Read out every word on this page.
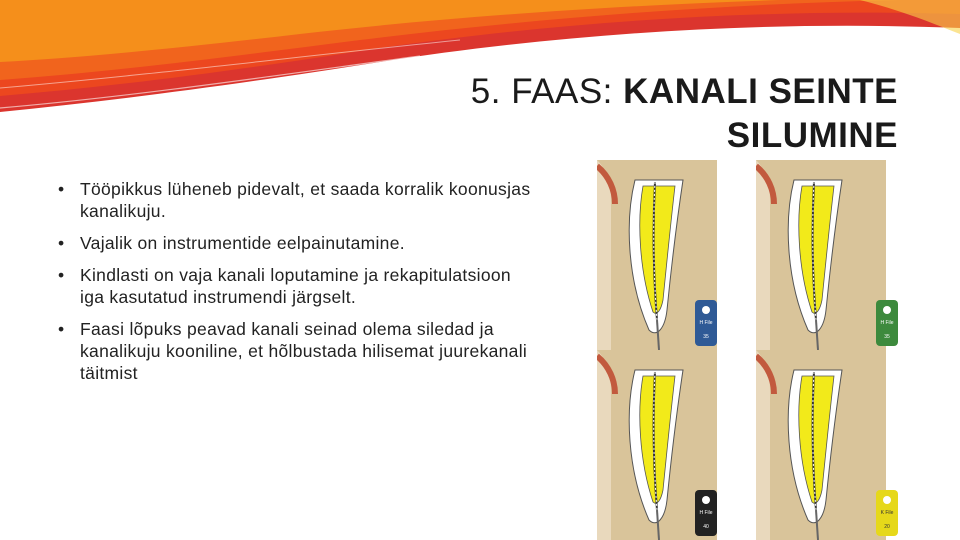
5. FAAS: KANALI SEINTE SILUMINE
• Tööpikkus lüheneb pidevalt, et saada korralik koonusjas kanalikuju.
• Vajalik on instrumentide eelpainutamine.
• Kindlasti on vaja kanali loputamine ja rekapitulatsioon iga kasutatud instrumendi järgselt.
• Faasi lõpuks peavad kanali seinad olema siledad ja kanalikuju kooniline, et hõlbustada hilisemat juurekanali täitmist
H File
35
H File
35
H File
40
K File
20
